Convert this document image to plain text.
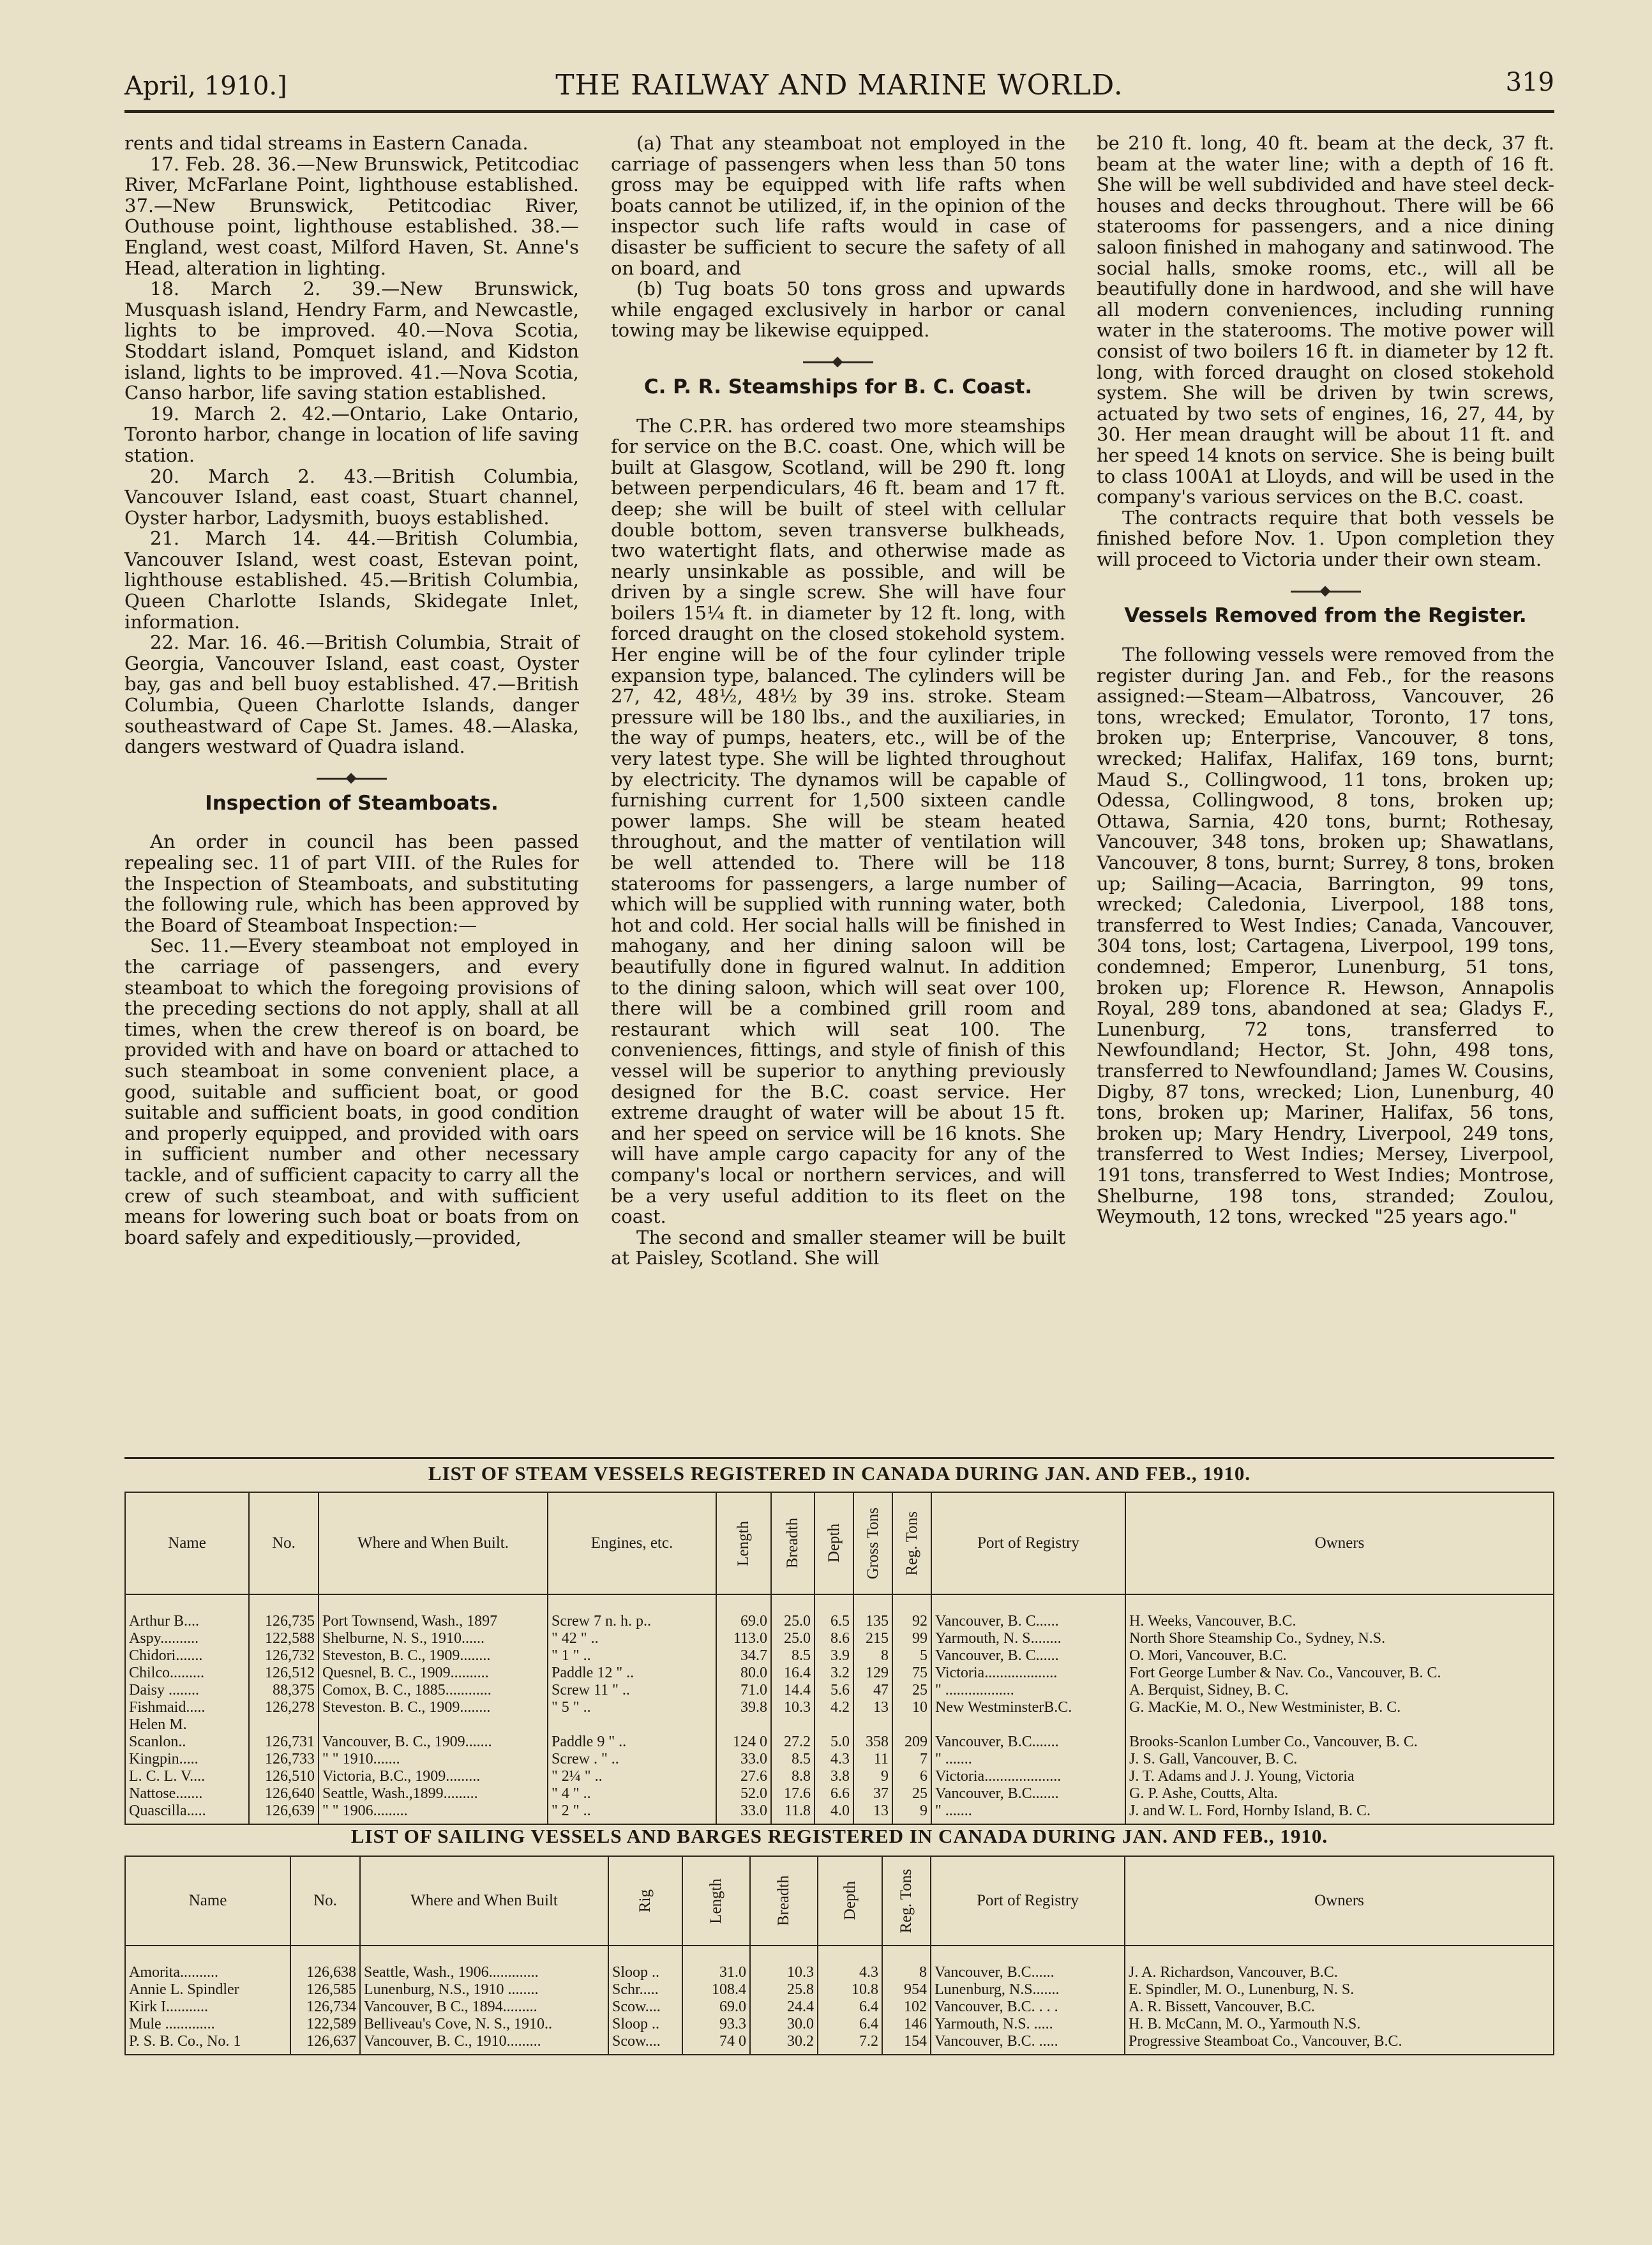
April, 1910.]	THE RAILWAY AND MARINE WORLD.	319

rents and tidal streams in Eastern Canada.

17. Feb. 28. 36.—New Brunswick, Petitcodiac River, McFarlane Point, lighthouse established. 37.—New Brunswick, Petitcodiac River, Outhouse point, lighthouse established. 38.—England, west coast, Milford Haven, St. Anne's Head, alteration in lighting.

18. March 2. 39.—New Brunswick, Musquash island, Hendry Farm, and Newcastle, lights to be improved. 40.—Nova Scotia, Stoddart island, Pomquet island, and Kidston island, lights to be improved. 41.—Nova Scotia, Canso harbor, life saving station established.

19. March 2. 42.—Ontario, Lake Ontario, Toronto harbor, change in location of life saving station.

20. March 2. 43.—British Columbia, Vancouver Island, east coast, Stuart channel, Oyster harbor, Ladysmith, buoys established.

21. March 14. 44.—British Columbia, Vancouver Island, west coast, Estevan point, lighthouse established. 45.—British Columbia, Queen Charlotte Islands, Skidegate Inlet, information.

22. Mar. 16. 46.—British Columbia, Strait of Georgia, Vancouver Island, east coast, Oyster bay, gas and bell buoy established. 47.—British Columbia, Queen Charlotte Islands, danger southeastward of Cape St. James. 48.—Alaska, dangers westward of Quadra island.

Inspection of Steamboats.

An order in council has been passed repealing sec. 11 of part VIII. of the Rules for the Inspection of Steamboats, and substituting the following rule, which has been approved by the Board of Steamboat Inspection:—

Sec. 11.—Every steamboat not employed in the carriage of passengers, and every steamboat to which the foregoing provisions of the preceding sections do not apply, shall at all times, when the crew thereof is on board, be provided with and have on board or attached to such steamboat in some convenient place, a good, suitable and sufficient boat, or good suitable and sufficient boats, in good condition and properly equipped, and provided with oars in sufficient number and other necessary tackle, and of sufficient capacity to carry all the crew of such steamboat, and with sufficient means for lowering such boat or boats from on board safely and expeditiously,—provided,

(a) That any steamboat not employed in the carriage of passengers when less than 50 tons gross may be equipped with life rafts when boats cannot be utilized, if, in the opinion of the inspector such life rafts would in case of disaster be sufficient to secure the safety of all on board, and

(b) Tug boats 50 tons gross and upwards while engaged exclusively in harbor or canal towing may be likewise equipped.

C. P. R. Steamships for B. C. Coast.

The C.P.R. has ordered two more steamships for service on the B.C. coast. One, which will be built at Glasgow, Scotland, will be 290 ft. long between perpendiculars, 46 ft. beam and 17 ft. deep; she will be built of steel with cellular double bottom, seven transverse bulkheads, two watertight flats, and otherwise made as nearly unsinkable as possible, and will be driven by a single screw. She will have four boilers 15¼ ft. in diameter by 12 ft. long, with forced draught on the closed stokehold system. Her engine will be of the four cylinder triple expansion type, balanced. The cylinders will be 27, 42, 48½, 48½ by 39 ins. stroke. Steam pressure will be 180 lbs., and the auxiliaries, in the way of pumps, heaters, etc., will be of the very latest type. She will be lighted throughout by electricity. The dynamos will be capable of furnishing current for 1,500 sixteen candle power lamps. She will be steam heated throughout, and the matter of ventilation will be well attended to. There will be 118 staterooms for passengers, a large number of which will be supplied with running water, both hot and cold. Her social halls will be finished in mahogany, and her dining saloon will be beautifully done in figured walnut. In addition to the dining saloon, which will seat over 100, there will be a combined grill room and restaurant which will seat 100. The conveniences, fittings, and style of finish of this vessel will be superior to anything previously designed for the B.C. coast service. Her extreme draught of water will be about 15 ft. and her speed on service will be 16 knots. She will have ample cargo capacity for any of the company's local or northern services, and will be a very useful addition to its fleet on the coast.

The second and smaller steamer will be built at Paisley, Scotland. She will

be 210 ft. long, 40 ft. beam at the deck, 37 ft. beam at the water line; with a depth of 16 ft. She will be well subdivided and have steel deck-houses and decks throughout. There will be 66 staterooms for passengers, and a nice dining saloon finished in mahogany and satinwood. The social halls, smoke rooms, etc., will all be beautifully done in hardwood, and she will have all modern conveniences, including running water in the staterooms. The motive power will consist of two boilers 16 ft. in diameter by 12 ft. long, with forced draught on closed stokehold system. She will be driven by twin screws, actuated by two sets of engines, 16, 27, 44, by 30. Her mean draught will be about 11 ft. and her speed 14 knots on service. She is being built to class 100A1 at Lloyds, and will be used in the company's various services on the B.C. coast.

The contracts require that both vessels be finished before Nov. 1. Upon completion they will proceed to Victoria under their own steam.

Vessels Removed from the Register.

The following vessels were removed from the register during Jan. and Feb., for the reasons assigned:—Steam—Albatross, Vancouver, 26 tons, wrecked; Emulator, Toronto, 17 tons, broken up; Enterprise, Vancouver, 8 tons, wrecked; Halifax, Halifax, 169 tons, burnt; Maud S., Collingwood, 11 tons, broken up; Odessa, Collingwood, 8 tons, broken up; Ottawa, Sarnia, 420 tons, burnt; Rothesay, Vancouver, 348 tons, broken up; Shawatlans, Vancouver, 8 tons, burnt; Surrey, 8 tons, broken up; Sailing—Acacia, Barrington, 99 tons, wrecked; Caledonia, Liverpool, 188 tons, transferred to West Indies; Canada, Vancouver, 304 tons, lost; Cartagena, Liverpool, 199 tons, condemned; Emperor, Lunenburg, 51 tons, broken up; Florence R. Hewson, Annapolis Royal, 289 tons, abandoned at sea; Gladys F., Lunenburg, 72 tons, transferred to Newfoundland; Hector, St. John, 498 tons, transferred to Newfoundland; James W. Cousins, Digby, 87 tons, wrecked; Lion, Lunenburg, 40 tons, broken up; Mariner, Halifax, 56 tons, broken up; Mary Hendry, Liverpool, 249 tons, transferred to West Indies; Mersey, Liverpool, 191 tons, transferred to West Indies; Montrose, Shelburne, 198 tons, stranded; Zoulou, Weymouth, 12 tons, wrecked "25 years ago."

LIST OF STEAM VESSELS REGISTERED IN CANADA DURING JAN. AND FEB., 1910.
Name	No.	Where and When Built.	Engines, etc.	Length	Breadth	Depth	Gross Tons	Reg. Tons	Port of Registry	Owners

Arthur B....	126,735	Port Townsend, Wash., 1897	Screw 7 n. h. p..	69.0	25.0	6.5	135	92	Vancouver, B. C......	H. Weeks, Vancouver, B.C.
Aspy..........	122,588	Shelburne, N. S., 1910......	" 42 " ..	113.0	25.0	8.6	215	99	Yarmouth, N. S........	North Shore Steamship Co., Sydney, N.S.
Chidori.......	126,732	Steveston, B. C., 1909........	" 1 " ..	34.7	8.5	3.9	8	5	Vancouver, B. C......	O. Mori, Vancouver, B.C.
Chilco.........	126,512	Quesnel, B. C., 1909..........	Paddle 12 " ..	80.0	16.4	3.2	129	75	Victoria...................	Fort George Lumber & Nav. Co., Vancouver, B. C.
Daisy ........	88,375	Comox, B. C., 1885............	Screw 11 " ..	71.0	14.4	5.6	47	25	" ..................	A. Berquist, Sidney, B. C.
Fishmaid.....	126,278	Steveston. B. C., 1909........	" 5 " ..	39.8	10.3	4.2	13	10	New WestminsterB.C.	G. MacKie, M. O., New Westminister, B. C.
Helen M.										
Scanlon..	126,731	Vancouver, B. C., 1909.......	Paddle 9 " ..	124 0	27.2	5.0	358	209	Vancouver, B.C.......	Brooks-Scanlon Lumber Co., Vancouver, B. C.
Kingpin.....	126,733	" " 1910.......	Screw . " ..	33.0	8.5	4.3	11	7	" .......	J. S. Gall, Vancouver, B. C.
L. C. L. V....	126,510	Victoria, B.C., 1909.........	" 2¼ " ..	27.6	8.8	3.8	9	6	Victoria....................	J. T. Adams and J. J. Young, Victoria
Nattose.......	126,640	Seattle, Wash.,1899.........	" 4 " ..	52.0	17.6	6.6	37	25	Vancouver, B.C.......	G. P. Ashe, Coutts, Alta.
Quascilla.....	126,639	" " 1906.........	" 2 " ..	33.0	11.8	4.0	13	9	" .......	J. and W. L. Ford, Hornby Island, B. C.
LIST OF SAILING VESSELS AND BARGES REGISTERED IN CANADA DURING JAN. AND FEB., 1910.
Name	No.	Where and When Built	Rig	Length	Breadth	Depth	Reg. Tons	Port of Registry	Owners

Amorita..........	126,638	Seattle, Wash., 1906.............	Sloop ..	31.0	10.3	4.3	8	Vancouver, B.C......	J. A. Richardson, Vancouver, B.C.
Annie L. Spindler	126,585	Lunenburg, N.S., 1910 ........	Schr.....	108.4	25.8	10.8	954	Lunenburg, N.S.......	E. Spindler, M. O., Lunenburg, N. S.
Kirk I...........	126,734	Vancouver, B C., 1894.........	Scow....	69.0	24.4	6.4	102	Vancouver, B.C. . . .	A. R. Bissett, Vancouver, B.C.
Mule .............	122,589	Belliveau's Cove, N. S., 1910..	Sloop ..	93.3	30.0	6.4	146	Yarmouth, N.S. .....	H. B. McCann, M. O., Yarmouth N.S.
P. S. B. Co., No. 1	126,637	Vancouver, B. C., 1910.........	Scow....	74 0	30.2	7.2	154	Vancouver, B.C. .....	Progressive Steamboat Co., Vancouver, B.C.
